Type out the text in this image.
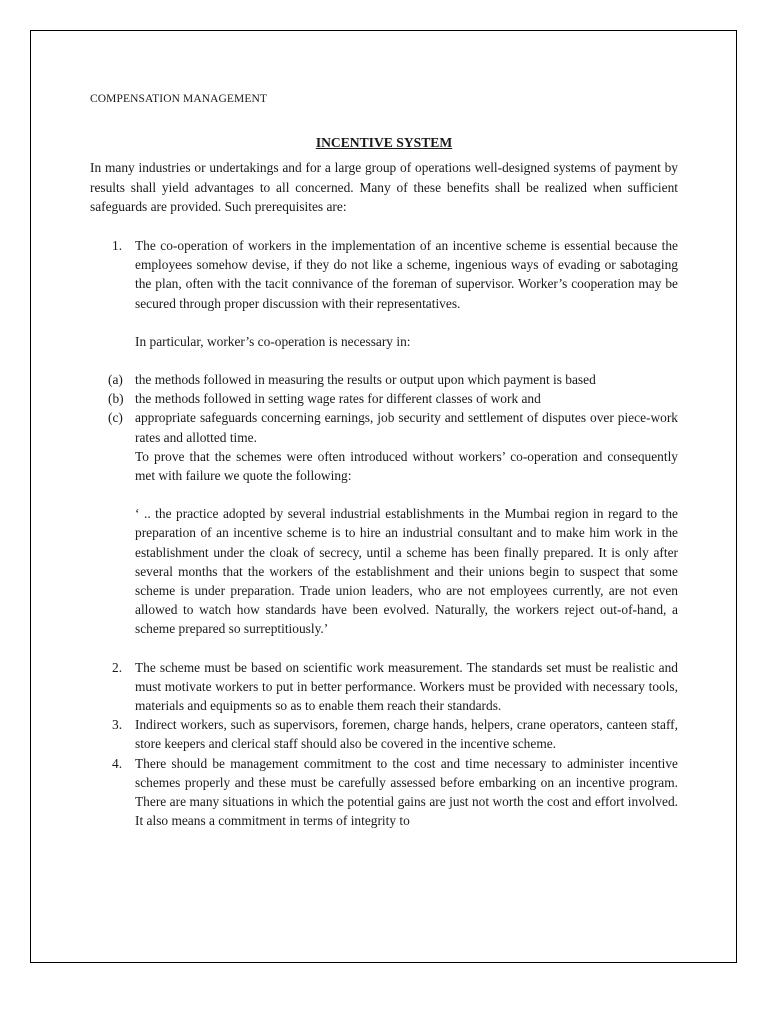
COMPENSATION MANAGEMENT

INCENTIVE SYSTEM

In many industries or undertakings and for a large group of operations well-designed systems of payment by results shall yield advantages to all concerned. Many of these benefits shall be realized when sufficient safeguards are provided. Such prerequisites are:

1. The co-operation of workers in the implementation of an incentive scheme is essential because the employees somehow devise, if they do not like a scheme, ingenious ways of evading or sabotaging the plan, often with the tacit connivance of the foreman of supervisor. Worker’s cooperation may be secured through proper discussion with their representatives.
In particular, worker’s co-operation is necessary in:
(a) the methods followed in measuring the results or output upon which payment is based
(b) the methods followed in setting wage rates for different classes of work and
(c) appropriate safeguards concerning earnings, job security and settlement of disputes over piece-work rates and allotted time.
To prove that the schemes were often introduced without workers’ co-operation and consequently met with failure we quote the following:
‘ .. the practice adopted by several industrial establishments in the Mumbai region in regard to the preparation of an incentive scheme is to hire an industrial consultant and to make him work in the establishment under the cloak of secrecy, until a scheme has been finally prepared. It is only after several months that the workers of the establishment and their unions begin to suspect that some scheme is under preparation. Trade union leaders, who are not employees currently, are not even allowed to watch how standards have been evolved. Naturally, the workers reject out-of-hand, a scheme prepared so surreptitiously.’
2. The scheme must be based on scientific work measurement. The standards set must be realistic and must motivate workers to put in better performance. Workers must be provided with necessary tools, materials and equipments so as to enable them reach their standards.
3. Indirect workers, such as supervisors, foremen, charge hands, helpers, crane operators, canteen staff, store keepers and clerical staff should also be covered in the incentive scheme.
4. There should be management commitment to the cost and time necessary to administer incentive schemes properly and these must be carefully assessed before embarking on an incentive program. There are many situations in which the potential gains are just not worth the cost and effort involved. It also means a commitment in terms of integrity to
